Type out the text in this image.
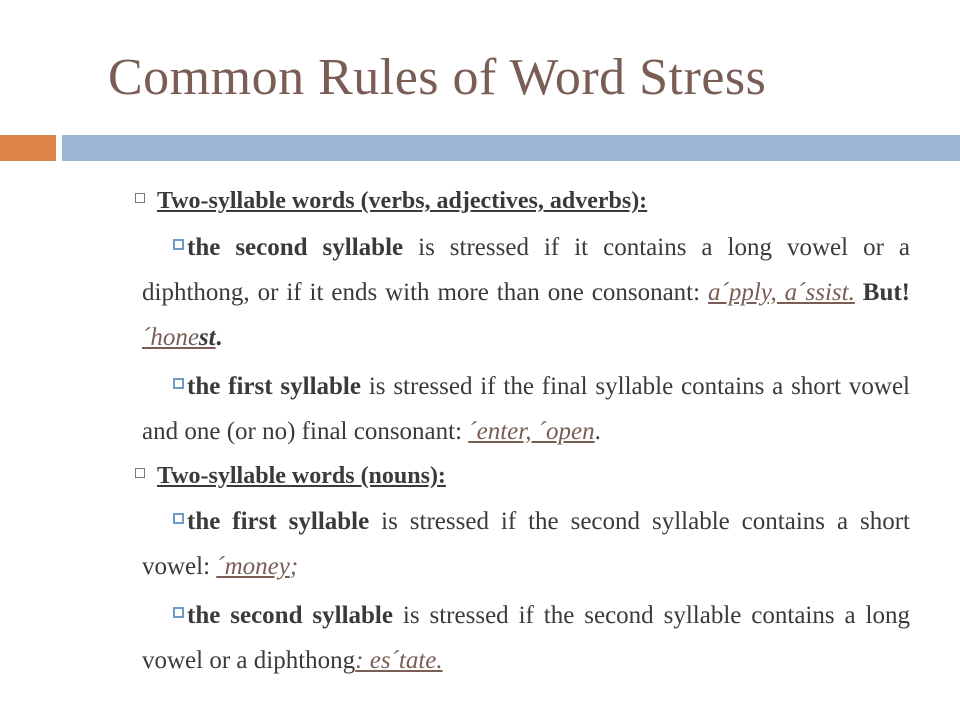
Common Rules of Word Stress
Two-syllable words (verbs, adjectives, adverbs):
the second syllable is stressed if it contains a long vowel or a diphthong, or if it ends with more than one consonant: a´pply, a´ssist. But! ´honest.
the first syllable is stressed if the final syllable contains a short vowel and one (or no) final consonant: ´enter, ´open.
Two-syllable words (nouns):
the first syllable is stressed if the second syllable contains a short vowel: ´money;
the second syllable is stressed if the second syllable contains a long vowel or a diphthong: es´tate.
